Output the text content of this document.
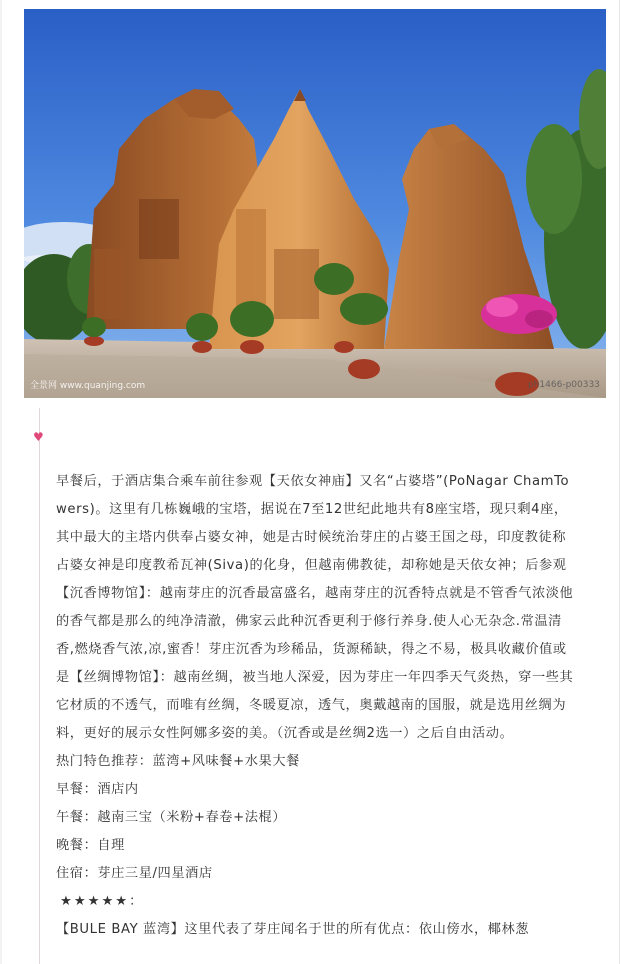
全景网 www.quanjing.com	ph1466-p00333
♥

早餐后，于酒店集合乘车前往参观【天依女神庙】又名“占婆塔”(PoNagar ChamTowers)。这里有几栋巍峨的宝塔，据说在7至12世纪此地共有8座宝塔，现只剩4座，其中最大的主塔内供奉占婆女神，她是古时候统治芽庄的占婆王国之母，印度教徒称占婆女神是印度教希瓦神(Siva)的化身，但越南佛教徒，却称她是天依女神；后参观【沉香博物馆】：越南芽庄的沉香最富盛名，越南芽庄的沉香特点就是不管香气浓淡他的香气都是那么的纯净清澈，佛家云此种沉香更利于修行养身.使人心无杂念.常温清香,燃烧香气浓,凉,蜜香！芽庄沉香为珍稀品，货源稀缺，得之不易，极具收藏价值或是【丝绸博物馆】：越南丝绸，被当地人深爱，因为芽庄一年四季天气炎热，穿一些其它材质的不透气，而唯有丝绸，冬暖夏凉，透气，奥戴越南的国服，就是选用丝绸为料，更好的展示女性阿娜多姿的美。（沉香或是丝绸2选一）之后自由活动。

热门特色推荐：蓝湾+风味餐+水果大餐

早餐：酒店内

午餐：越南三宝（米粉+春卷+法棍）

晚餐：自理

住宿：芽庄三星/四星酒店

★★★★★：

【BULE BAY 蓝湾】这里代表了芽庄闻名于世的所有优点：依山傍水，椰林葱
